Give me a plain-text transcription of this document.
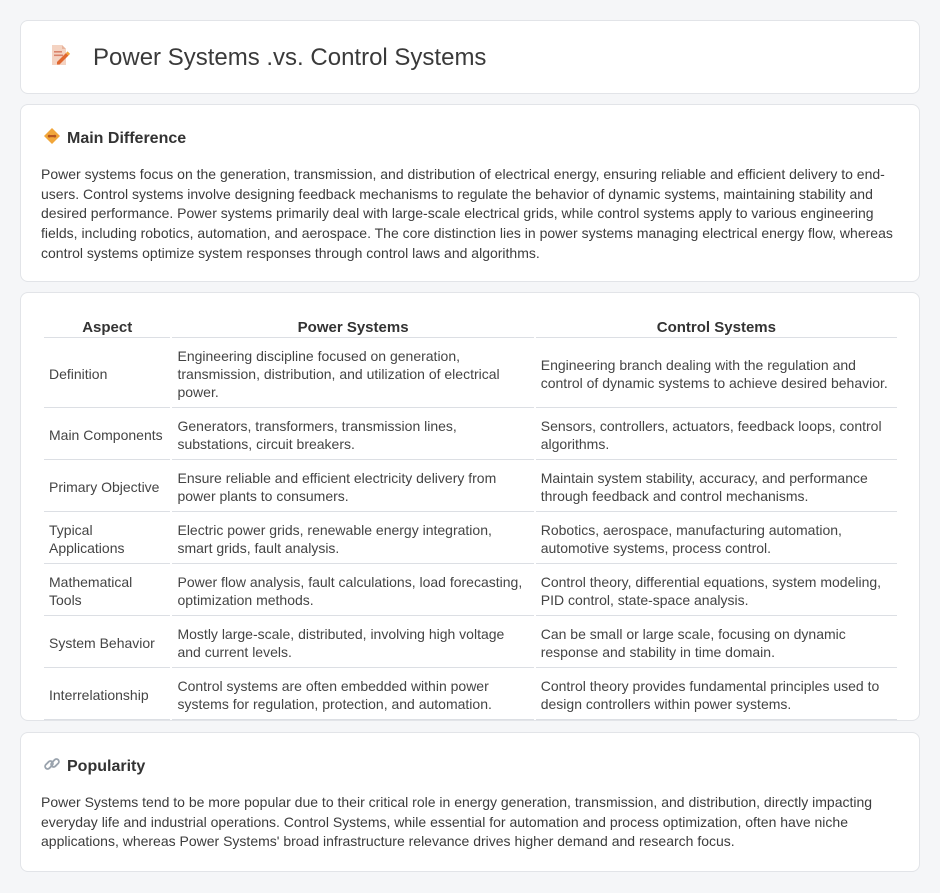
Power Systems .vs. Control Systems
Main Difference

Power systems focus on the generation, transmission, and distribution of electrical energy, ensuring reliable and efficient delivery to end-users. Control systems involve designing feedback mechanisms to regulate the behavior of dynamic systems, maintaining stability and desired performance. Power systems primarily deal with large-scale electrical grids, while control systems apply to various engineering fields, including robotics, automation, and aerospace. The core distinction lies in power systems managing electrical energy flow, whereas control systems optimize system responses through control laws and algorithms.

Aspect	Power Systems	Control Systems
Definition	Engineering discipline focused on generation, transmission, distribution, and utilization of electrical power.	Engineering branch dealing with the regulation and control of dynamic systems to achieve desired behavior.
Main Components	Generators, transformers, transmission lines, substations, circuit breakers.	Sensors, controllers, actuators, feedback loops, control algorithms.
Primary Objective	Ensure reliable and efficient electricity delivery from power plants to consumers.	Maintain system stability, accuracy, and performance through feedback and control mechanisms.
Typical Applications	Electric power grids, renewable energy integration, smart grids, fault analysis.	Robotics, aerospace, manufacturing automation, automotive systems, process control.
Mathematical Tools	Power flow analysis, fault calculations, load forecasting, optimization methods.	Control theory, differential equations, system modeling, PID control, state-space analysis.
System Behavior	Mostly large-scale, distributed, involving high voltage and current levels.	Can be small or large scale, focusing on dynamic response and stability in time domain.
Interrelationship	Control systems are often embedded within power systems for regulation, protection, and automation.	Control theory provides fundamental principles used to design controllers within power systems.
Popularity

Power Systems tend to be more popular due to their critical role in energy generation, transmission, and distribution, directly impacting everyday life and industrial operations. Control Systems, while essential for automation and process optimization, often have niche applications, whereas Power Systems' broad infrastructure relevance drives higher demand and research focus.
